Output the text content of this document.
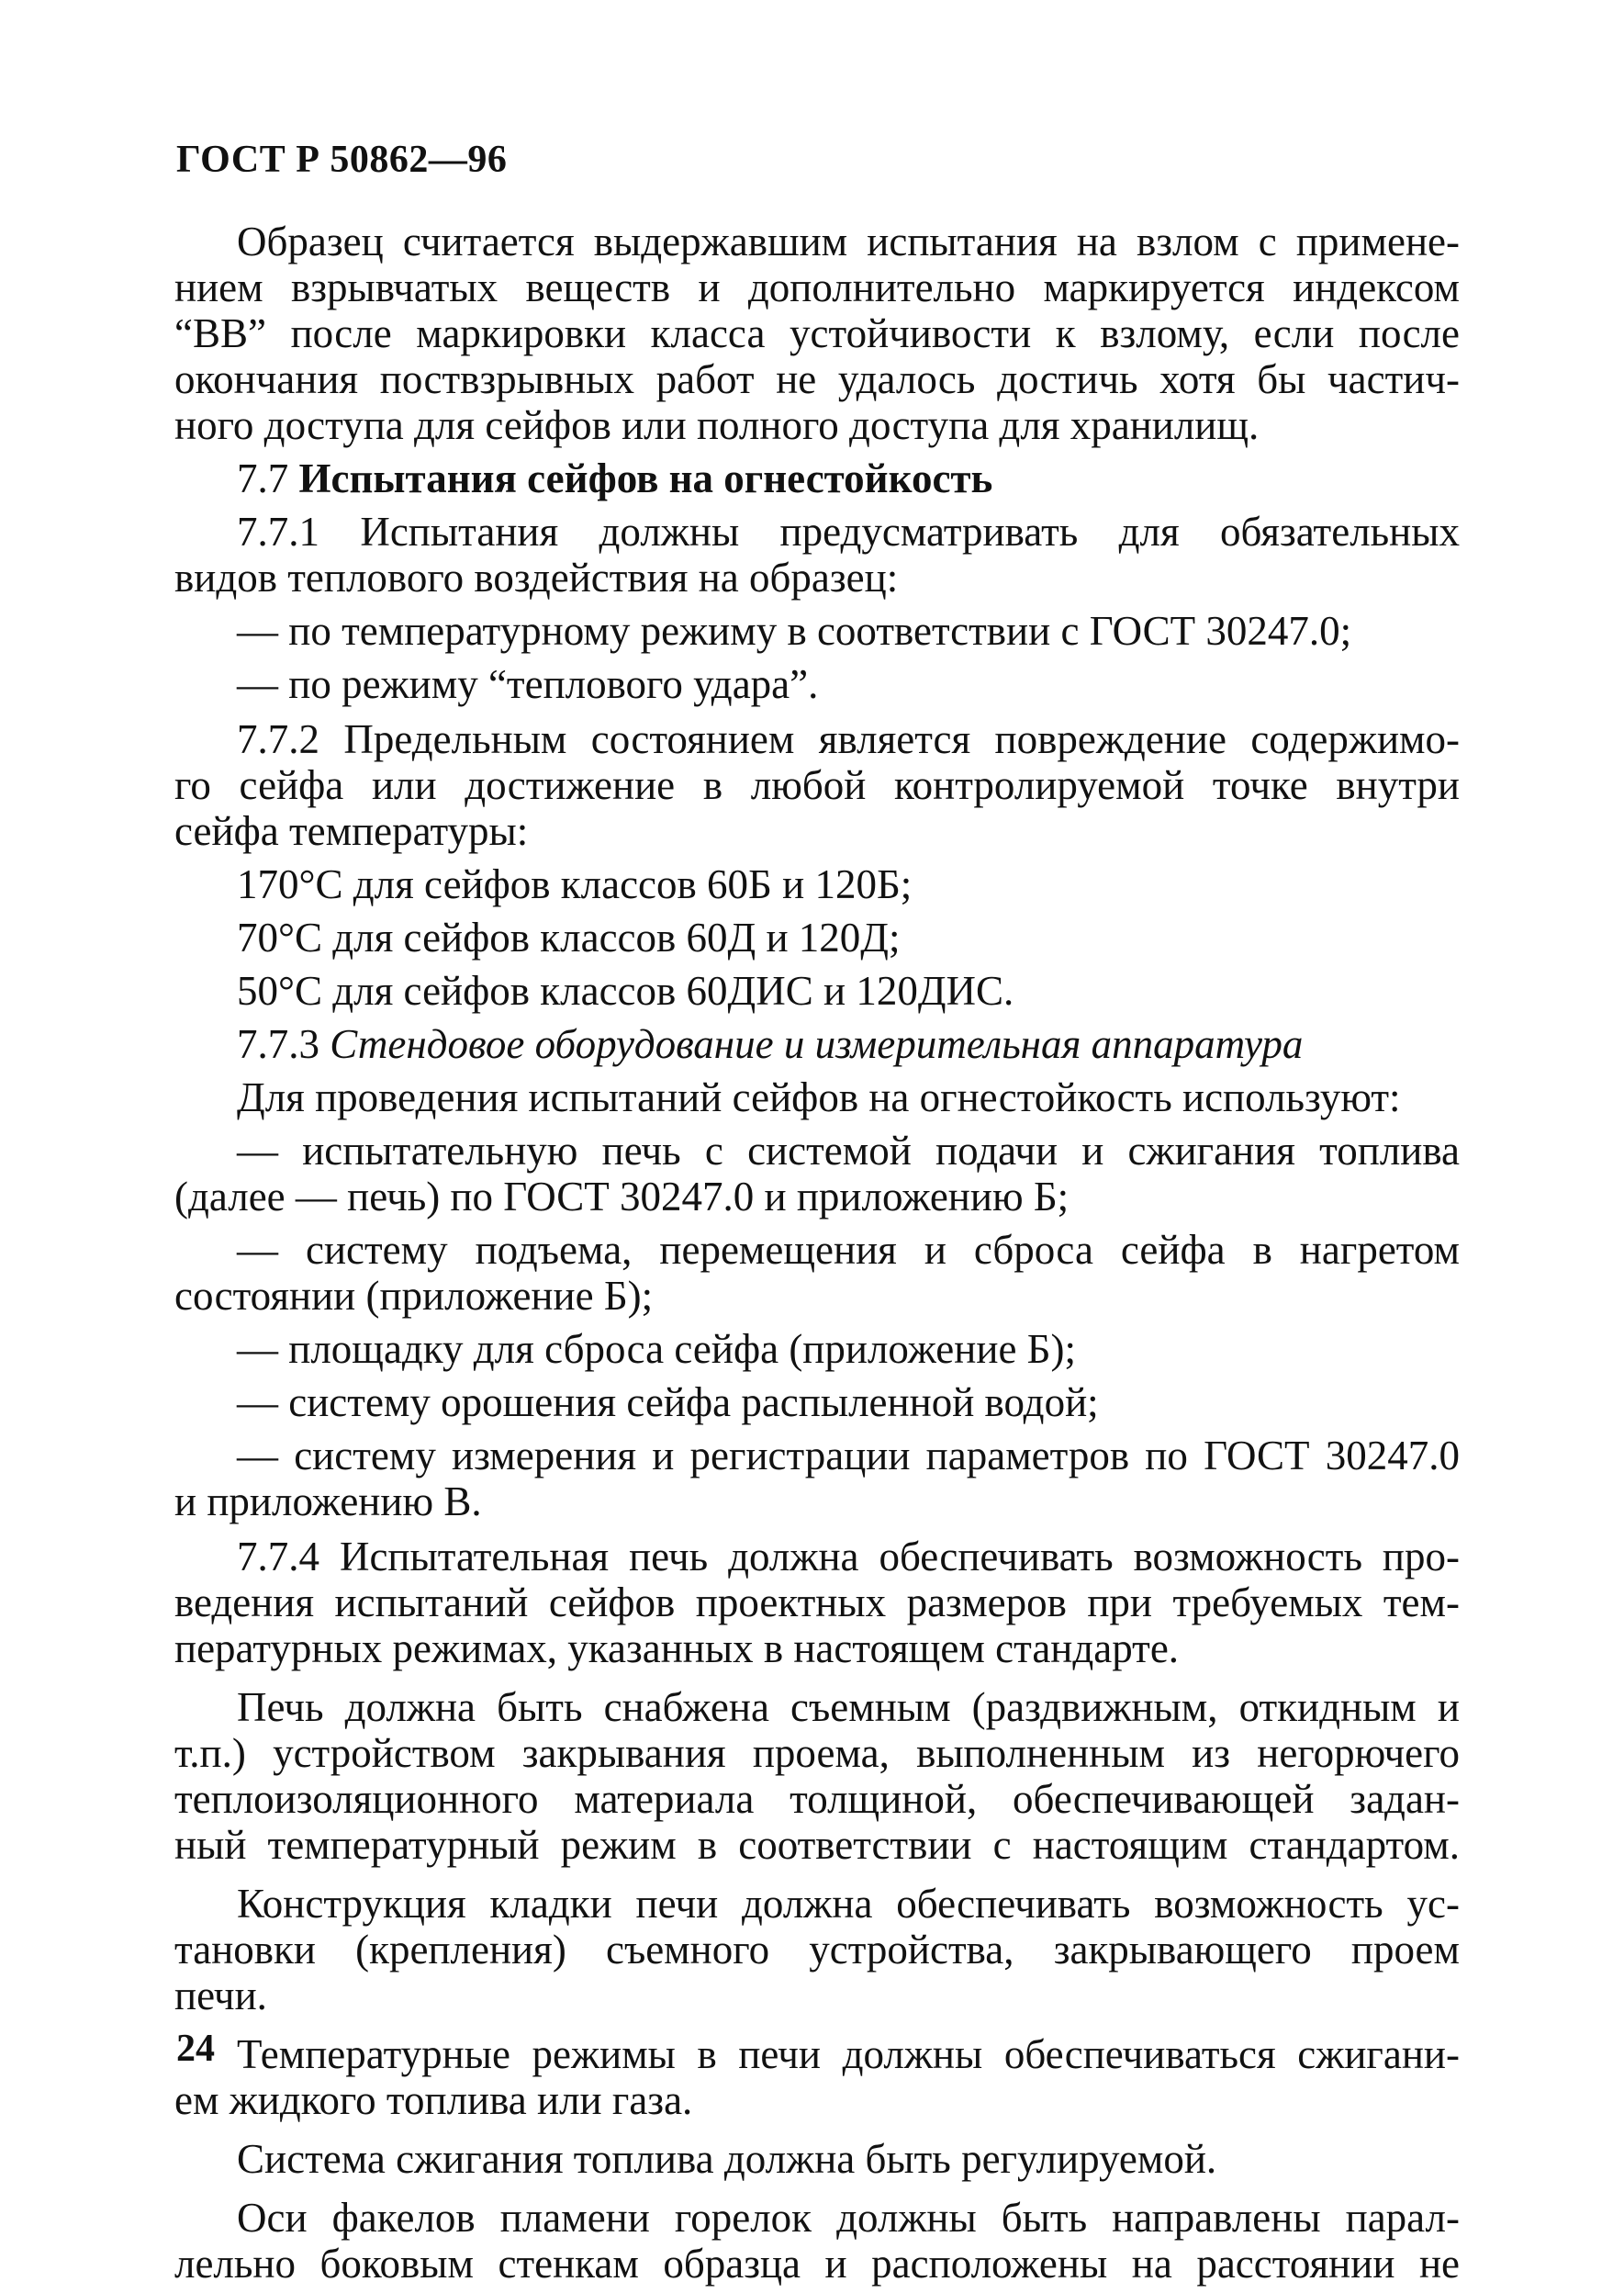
ГОСТ Р 50862—96
Образец считается выдержавшим испытания на взлом с примене-
нием взрывчатых веществ и дополнительно маркируется индексом
“ВВ” после маркировки класса устойчивости к взлому, если после
окончания поствзрывных работ не удалось достичь хотя бы частич-
ного доступа для сейфов или полного доступа для хранилищ.
7.7 Испытания сейфов на огнестойкость
7.7.1 Испытания должны предусматривать для обязательных
видов теплового воздействия на образец:
— по температурному режиму в соответствии с ГОСТ 30247.0;
— по режиму “теплового удара”.
7.7.2 Предельным состоянием является повреждение содержимо-
го сейфа или достижение в любой контролируемой точке внутри
сейфа температуры:
170°С для сейфов классов 60Б и 120Б;
70°С для сейфов классов 60Д и 120Д;
50°С для сейфов классов 60ДИС и 120ДИС.
7.7.3 Стендовое оборудование и измерительная аппаратура
Для проведения испытаний сейфов на огнестойкость используют:
— испытательную печь с системой подачи и сжигания топлива
(далее — печь) по ГОСТ 30247.0 и приложению Б;
— систему подъема, перемещения и сброса сейфа в нагретом
состоянии (приложение Б);
— площадку для сброса сейфа (приложение Б);
— систему орошения сейфа распыленной водой;
— систему измерения и регистрации параметров по ГОСТ 30247.0
и приложению В.
7.7.4 Испытательная печь должна обеспечивать возможность про-
ведения испытаний сейфов проектных размеров при требуемых тем-
пературных режимах, указанных в настоящем стандарте.
Печь должна быть снабжена съемным (раздвижным, откидным и
т.п.) устройством закрывания проема, выполненным из негорючего
теплоизоляционного материала толщиной, обеспечивающей задан-
ный температурный режим в соответствии с настоящим стандартом.
Конструкция кладки печи должна обеспечивать возможность ус-
тановки (крепления) съемного устройства, закрывающего проем
печи.
Температурные режимы в печи должны обеспечиваться сжигани-
ем жидкого топлива или газа.
Система сжигания топлива должна быть регулируемой.
Оси факелов пламени горелок должны быть направлены парал-
лельно боковым стенкам образца и расположены на расстоянии не
24
